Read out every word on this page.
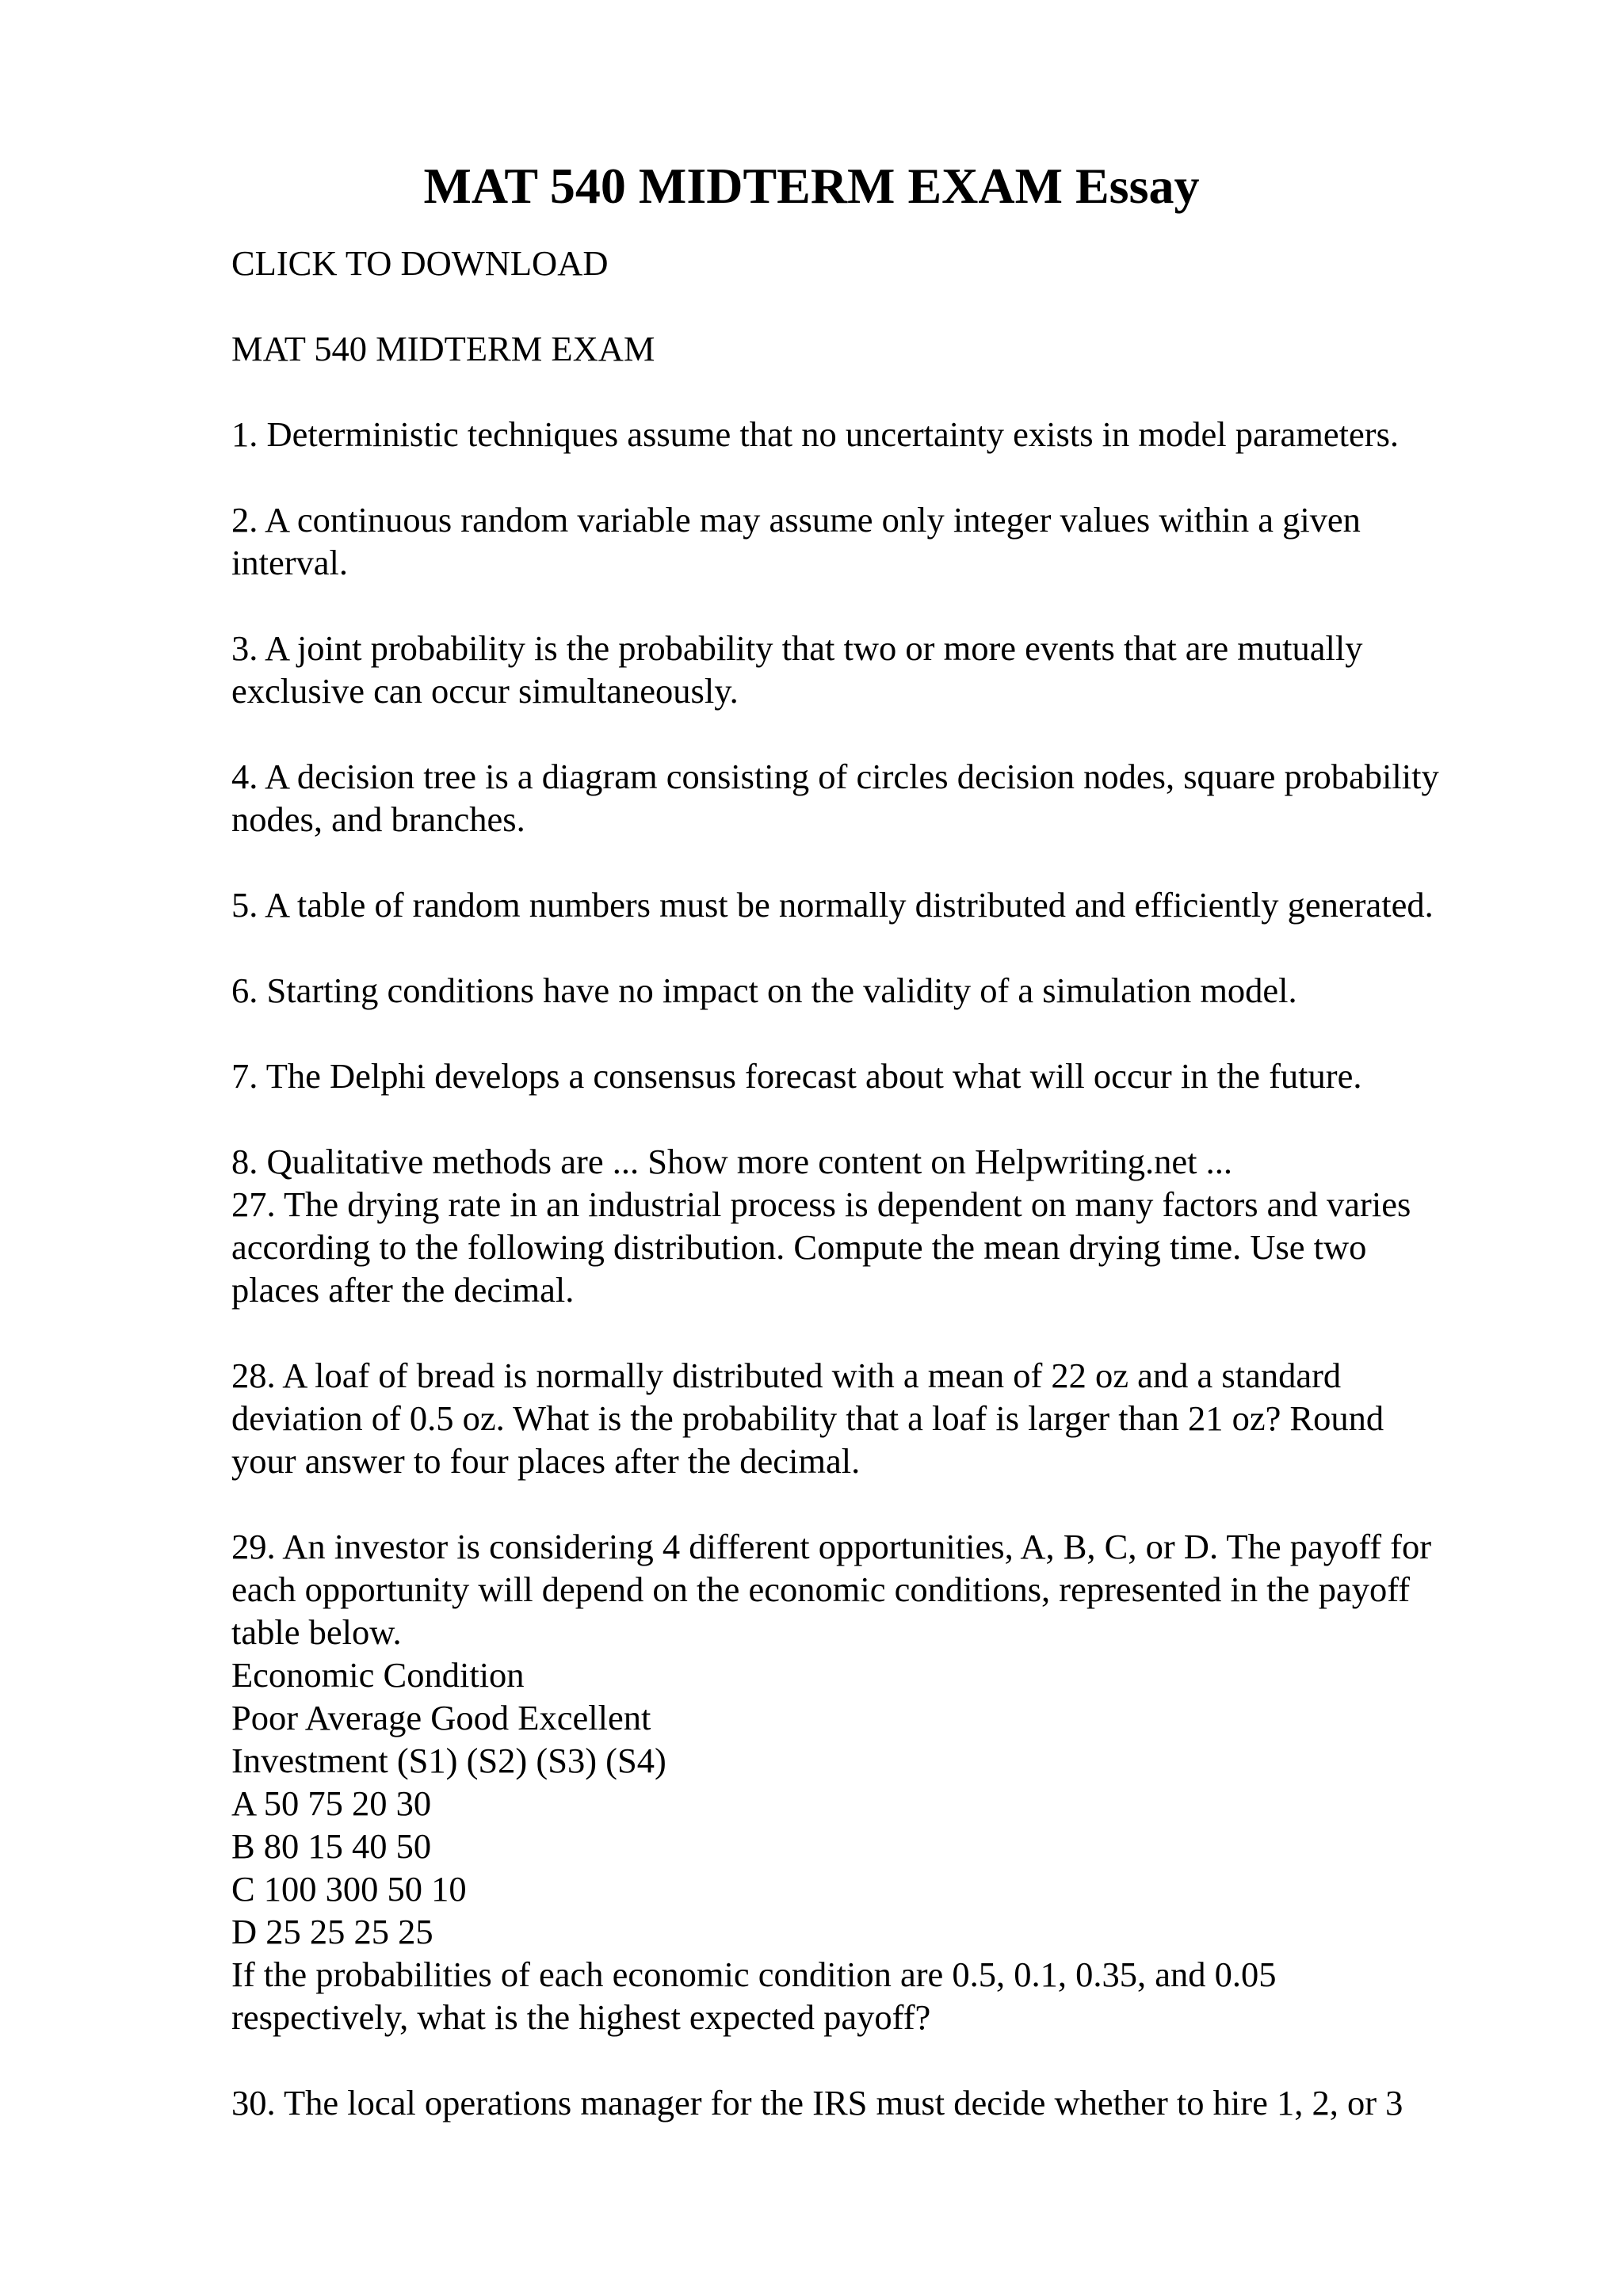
MAT 540 MIDTERM EXAM Essay
CLICK TO DOWNLOAD
MAT 540 MIDTERM EXAM
1. Deterministic techniques assume that no uncertainty exists in model parameters.
2. A continuous random variable may assume only integer values within a given
interval.
3. A joint probability is the probability that two or more events that are mutually
exclusive can occur simultaneously.
4. A decision tree is a diagram consisting of circles decision nodes, square probability
nodes, and branches.
5. A table of random numbers must be normally distributed and efficiently generated.
6. Starting conditions have no impact on the validity of a simulation model.
7. The Delphi develops a consensus forecast about what will occur in the future.
8. Qualitative methods are ... Show more content on Helpwriting.net ...
27. The drying rate in an industrial process is dependent on many factors and varies
according to the following distribution. Compute the mean drying time. Use two
places after the decimal.
28. A loaf of bread is normally distributed with a mean of 22 oz and a standard
deviation of 0.5 oz. What is the probability that a loaf is larger than 21 oz? Round
your answer to four places after the decimal.
29. An investor is considering 4 different opportunities, A, B, C, or D. The payoff for
each opportunity will depend on the economic conditions, represented in the payoff
table below.
Economic Condition
Poor Average Good Excellent
Investment (S1) (S2) (S3) (S4)
A 50 75 20 30
B 80 15 40 50
C 100 300 50 10
D 25 25 25 25
If the probabilities of each economic condition are 0.5, 0.1, 0.35, and 0.05
respectively, what is the highest expected payoff?
30. The local operations manager for the IRS must decide whether to hire 1, 2, or 3
